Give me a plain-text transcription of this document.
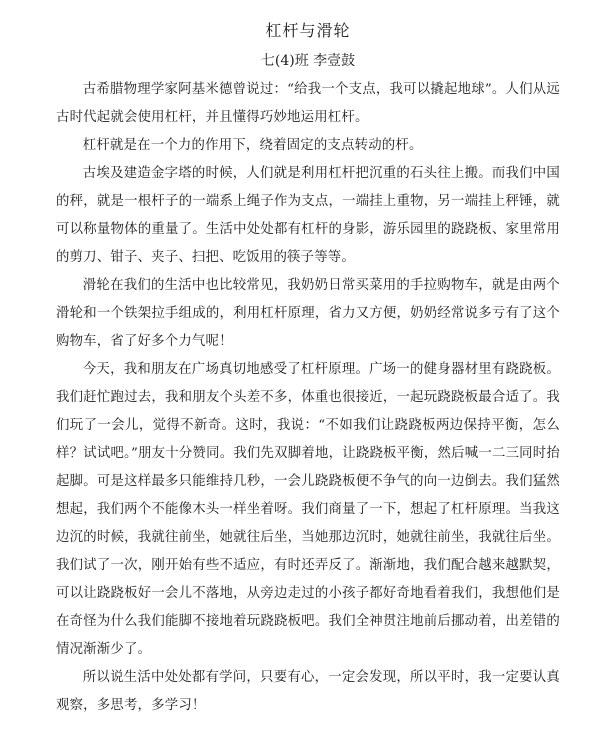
杠杆与滑轮
七(4)班 李壹鼓

古希腊物理学家阿基米德曾说过：“给我一个支点，我可以撬起地球”。人们从远古时代起就会使用杠杆，并且懂得巧妙地运用杠杆。

杠杆就是在一个力的作用下，绕着固定的支点转动的杆。

古埃及建造金字塔的时候，人们就是利用杠杆把沉重的石头往上搬。而我们中国的秤，就是一根杆子的一端系上绳子作为支点，一端挂上重物，另一端挂上秤锤，就可以称量物体的重量了。生活中处处都有杠杆的身影，游乐园里的跷跷板、家里常用的剪刀、钳子、夹子、扫把、吃饭用的筷子等等。

滑轮在我们的生活中也比较常见，我奶奶日常买菜用的手拉购物车，就是由两个滑轮和一个铁架拉手组成的，利用杠杆原理，省力又方便，奶奶经常说多亏有了这个购物车，省了好多个力气呢！

今天，我和朋友在广场真切地感受了杠杆原理。广场一的健身器材里有跷跷板。我们赶忙跑过去，我和朋友个头差不多，体重也很接近，一起玩跷跷板最合适了。我们玩了一会儿，觉得不新奇。这时，我说：“不如我们让跷跷板两边保持平衡，怎么样？试试吧。”朋友十分赞同。我们先双脚着地，让跷跷板平衡，然后喊一二三同时抬起脚。可是这样最多只能维持几秒，一会儿跷跷板便不争气的向一边倒去。我们猛然想起，我们两个不能像木头一样坐着呀。我们商量了一下，想起了杠杆原理。当我这边沉的时候，我就往前坐，她就往后坐，当她那边沉时，她就往前坐，我就往后坐。我们试了一次，刚开始有些不适应，有时还弄反了。渐渐地，我们配合越来越默契，可以让跷跷板好一会儿不落地，从旁边走过的小孩子都好奇地看着我们，我想他们是在奇怪为什么我们能脚不接地着玩跷跷板吧。我们全神贯注地前后挪动着，出差错的情况渐渐少了。

所以说生活中处处都有学问，只要有心，一定会发现，所以平时，我一定要认真观察，多思考，多学习！
